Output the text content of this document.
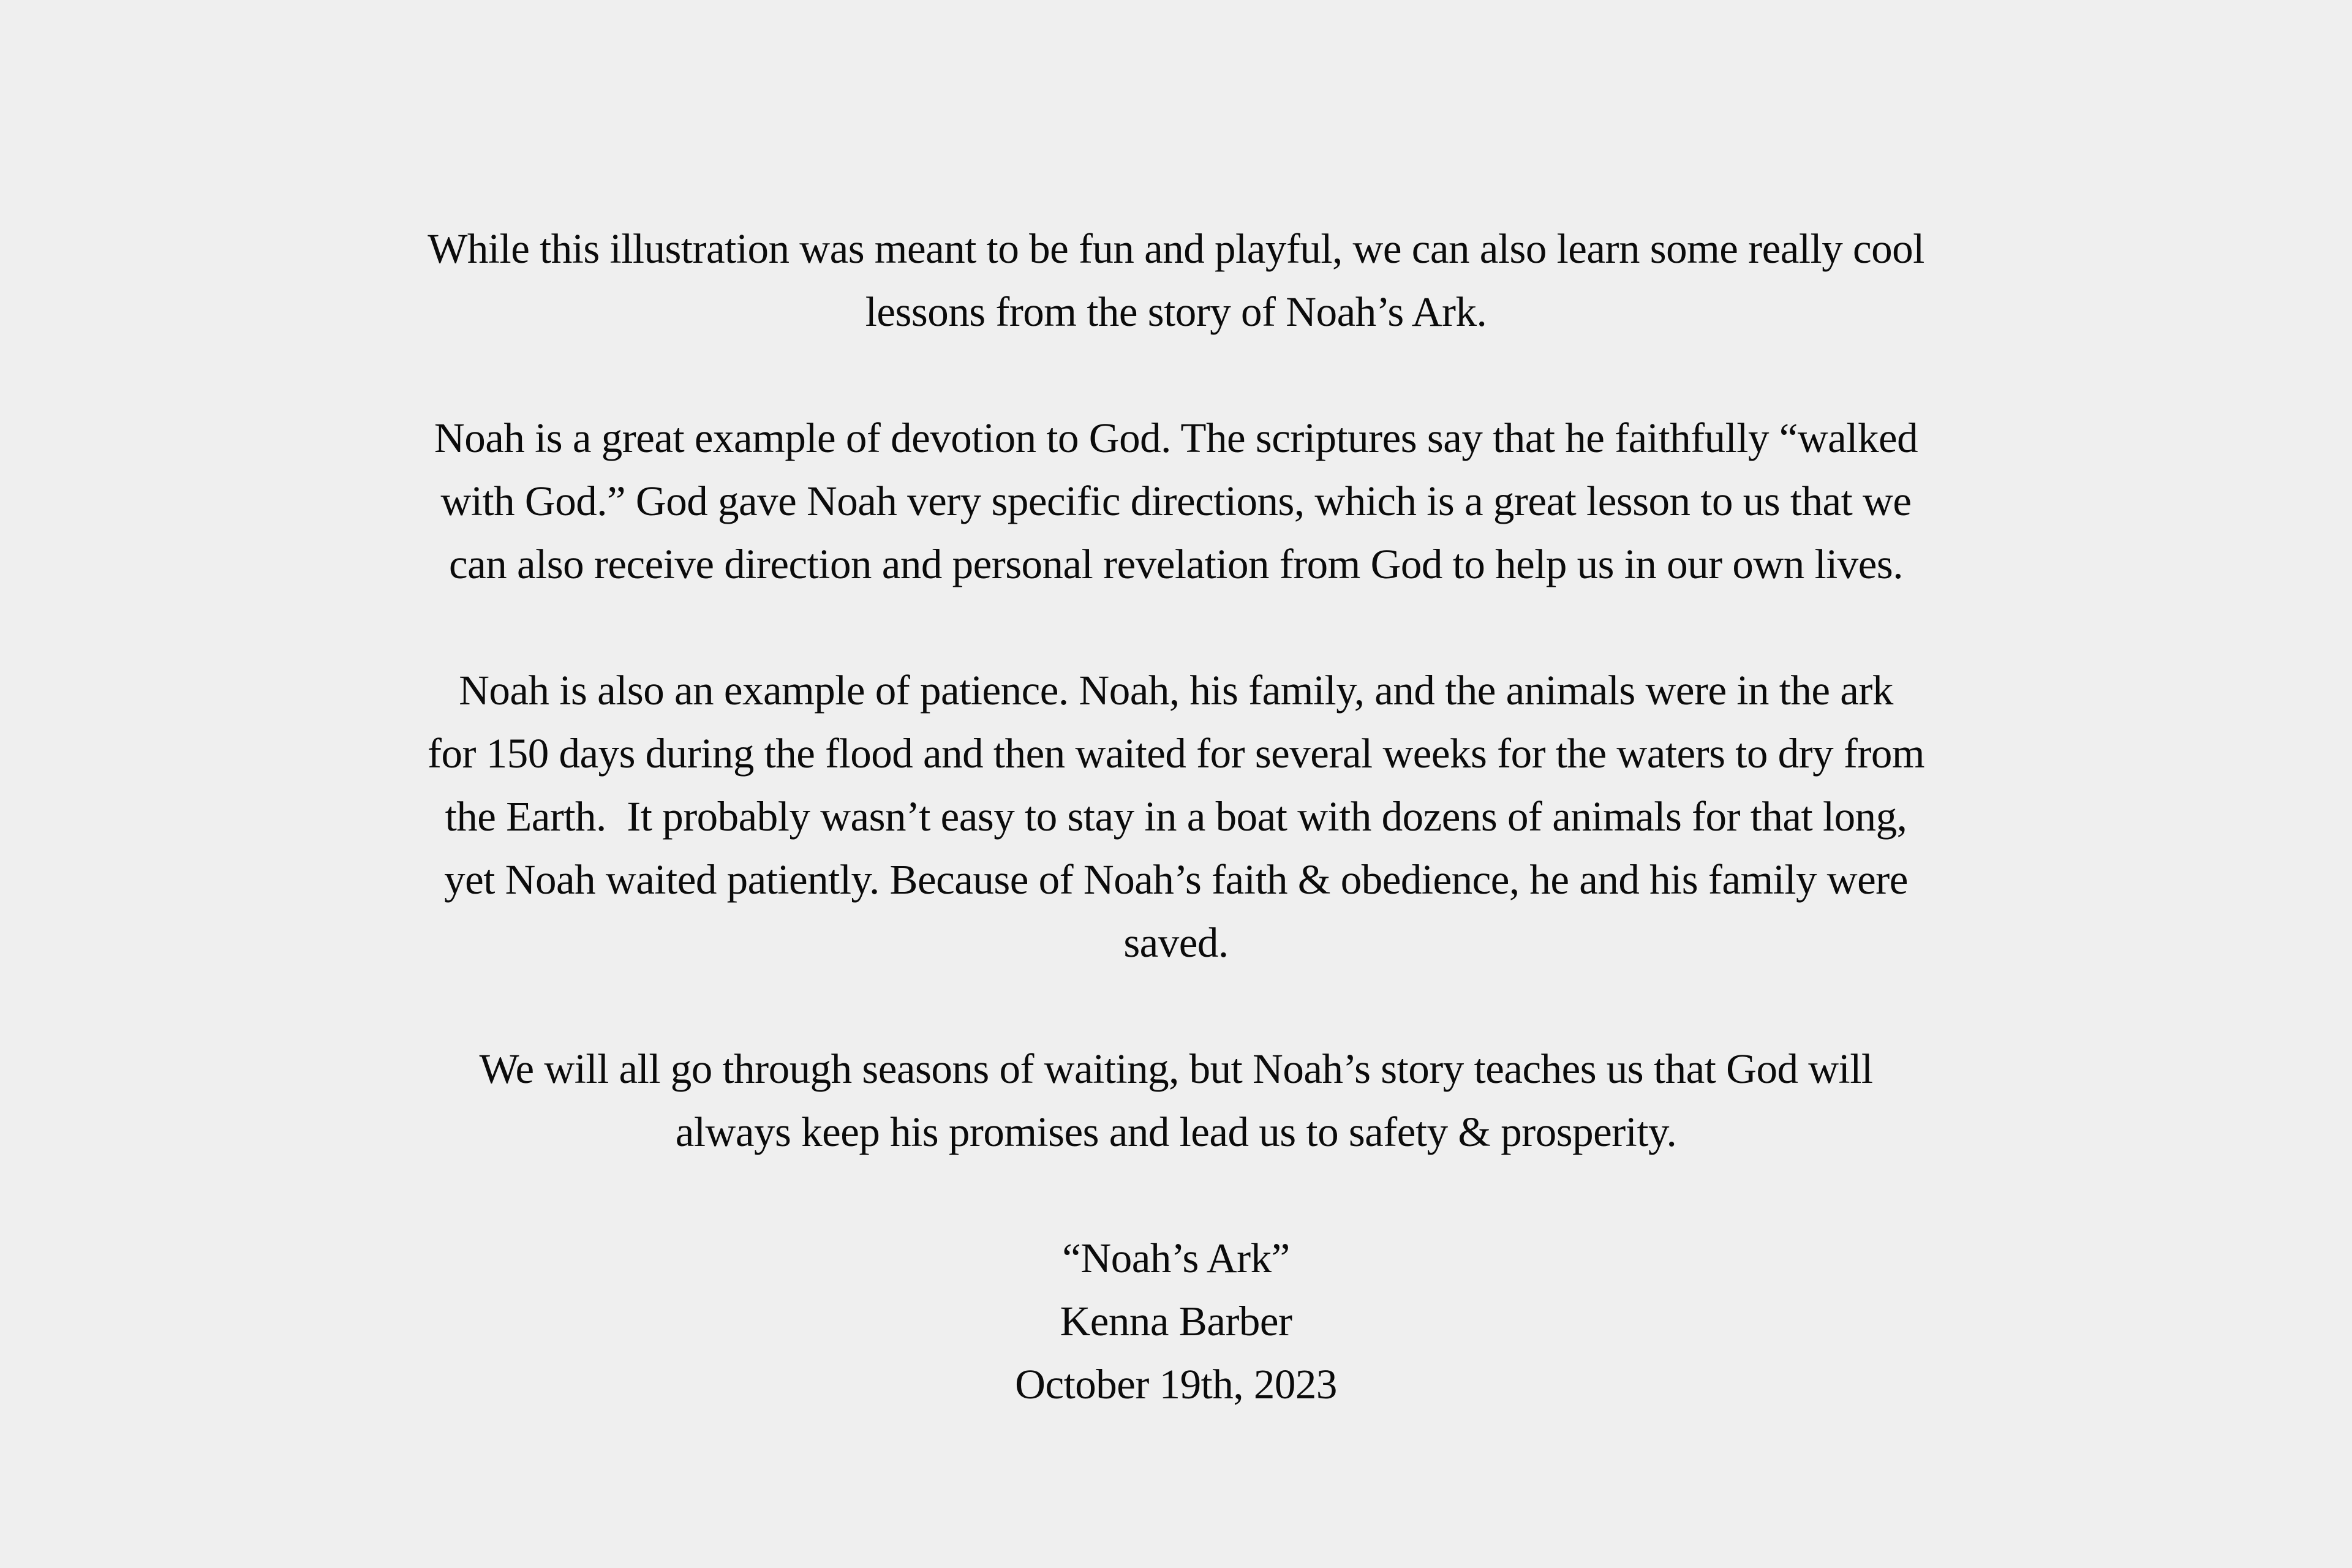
While this illustration was meant to be fun and playful, we can also learn some really cool
lessons from the story of Noah’s Ark.

Noah is a great example of devotion to God. The scriptures say that he faithfully “walked
with God.” God gave Noah very specific directions, which is a great lesson to us that we
can also receive direction and personal revelation from God to help us in our own lives.

Noah is also an example of patience. Noah, his family, and the animals were in the ark
for 150 days during the flood and then waited for several weeks for the waters to dry from
the Earth.  It probably wasn’t easy to stay in a boat with dozens of animals for that long,
yet Noah waited patiently. Because of Noah’s faith & obedience, he and his family were
saved.

We will all go through seasons of waiting, but Noah’s story teaches us that God will
always keep his promises and lead us to safety & prosperity.

“Noah’s Ark”
Kenna Barber
October 19th, 2023
